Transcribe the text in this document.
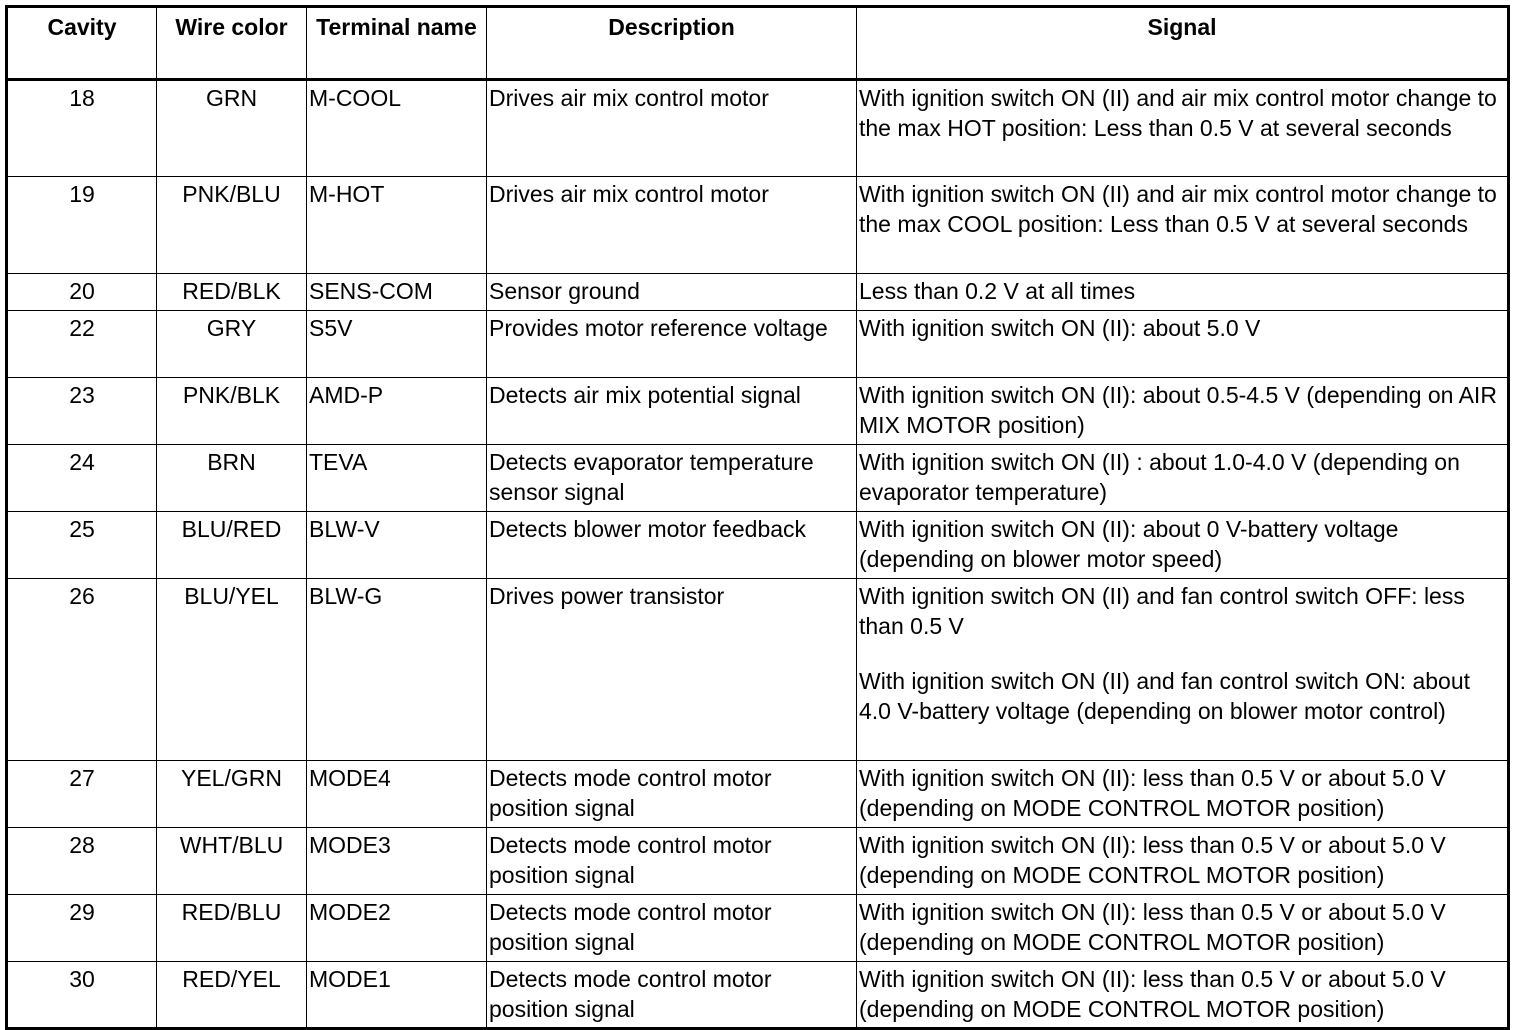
Cavity	Wire color	Terminal name	Description	Signal
18	GRN	M-COOL	Drives air mix control motor	With ignition switch ON (II) and air mix control motor change to the max HOT position: Less than 0.5 V at several seconds

19	PNK/BLU	M-HOT	Drives air mix control motor	With ignition switch ON (II) and air mix control motor change to the max COOL position: Less than 0.5 V at several seconds

20	RED/BLK	SENS-COM	Sensor ground	Less than 0.2 V at all times

22	GRY	S5V	Provides motor reference voltage	With ignition switch ON (II): about 5.0 V

23	PNK/BLK	AMD-P	Detects air mix potential signal	With ignition switch ON (II): about 0.5-4.5 V (depending on AIR MIX MOTOR position)

24	BRN	TEVA	Detects evaporator temperature sensor signal	With ignition switch ON (II) : about 1.0-4.0 V (depending on evaporator temperature)

25	BLU/RED	BLW-V	Detects blower motor feedback	With ignition switch ON (II): about 0 V-battery voltage (depending on blower motor speed)

26	BLU/YEL	BLW-G	Drives power transistor	With ignition switch ON (II) and fan control switch OFF: less than 0.5 V
With ignition switch ON (II) and fan control switch ON: about 4.0 V-battery voltage (depending on blower motor control)

27	YEL/GRN	MODE4	Detects mode control motor position signal	With ignition switch ON (II): less than 0.5 V or about 5.0 V (depending on MODE CONTROL MOTOR position)

28	WHT/BLU	MODE3	Detects mode control motor position signal	With ignition switch ON (II): less than 0.5 V or about 5.0 V (depending on MODE CONTROL MOTOR position)

29	RED/BLU	MODE2	Detects mode control motor position signal	With ignition switch ON (II): less than 0.5 V or about 5.0 V (depending on MODE CONTROL MOTOR position)

30	RED/YEL	MODE1	Detects mode control motor position signal	With ignition switch ON (II): less than 0.5 V or about 5.0 V (depending on MODE CONTROL MOTOR position)
